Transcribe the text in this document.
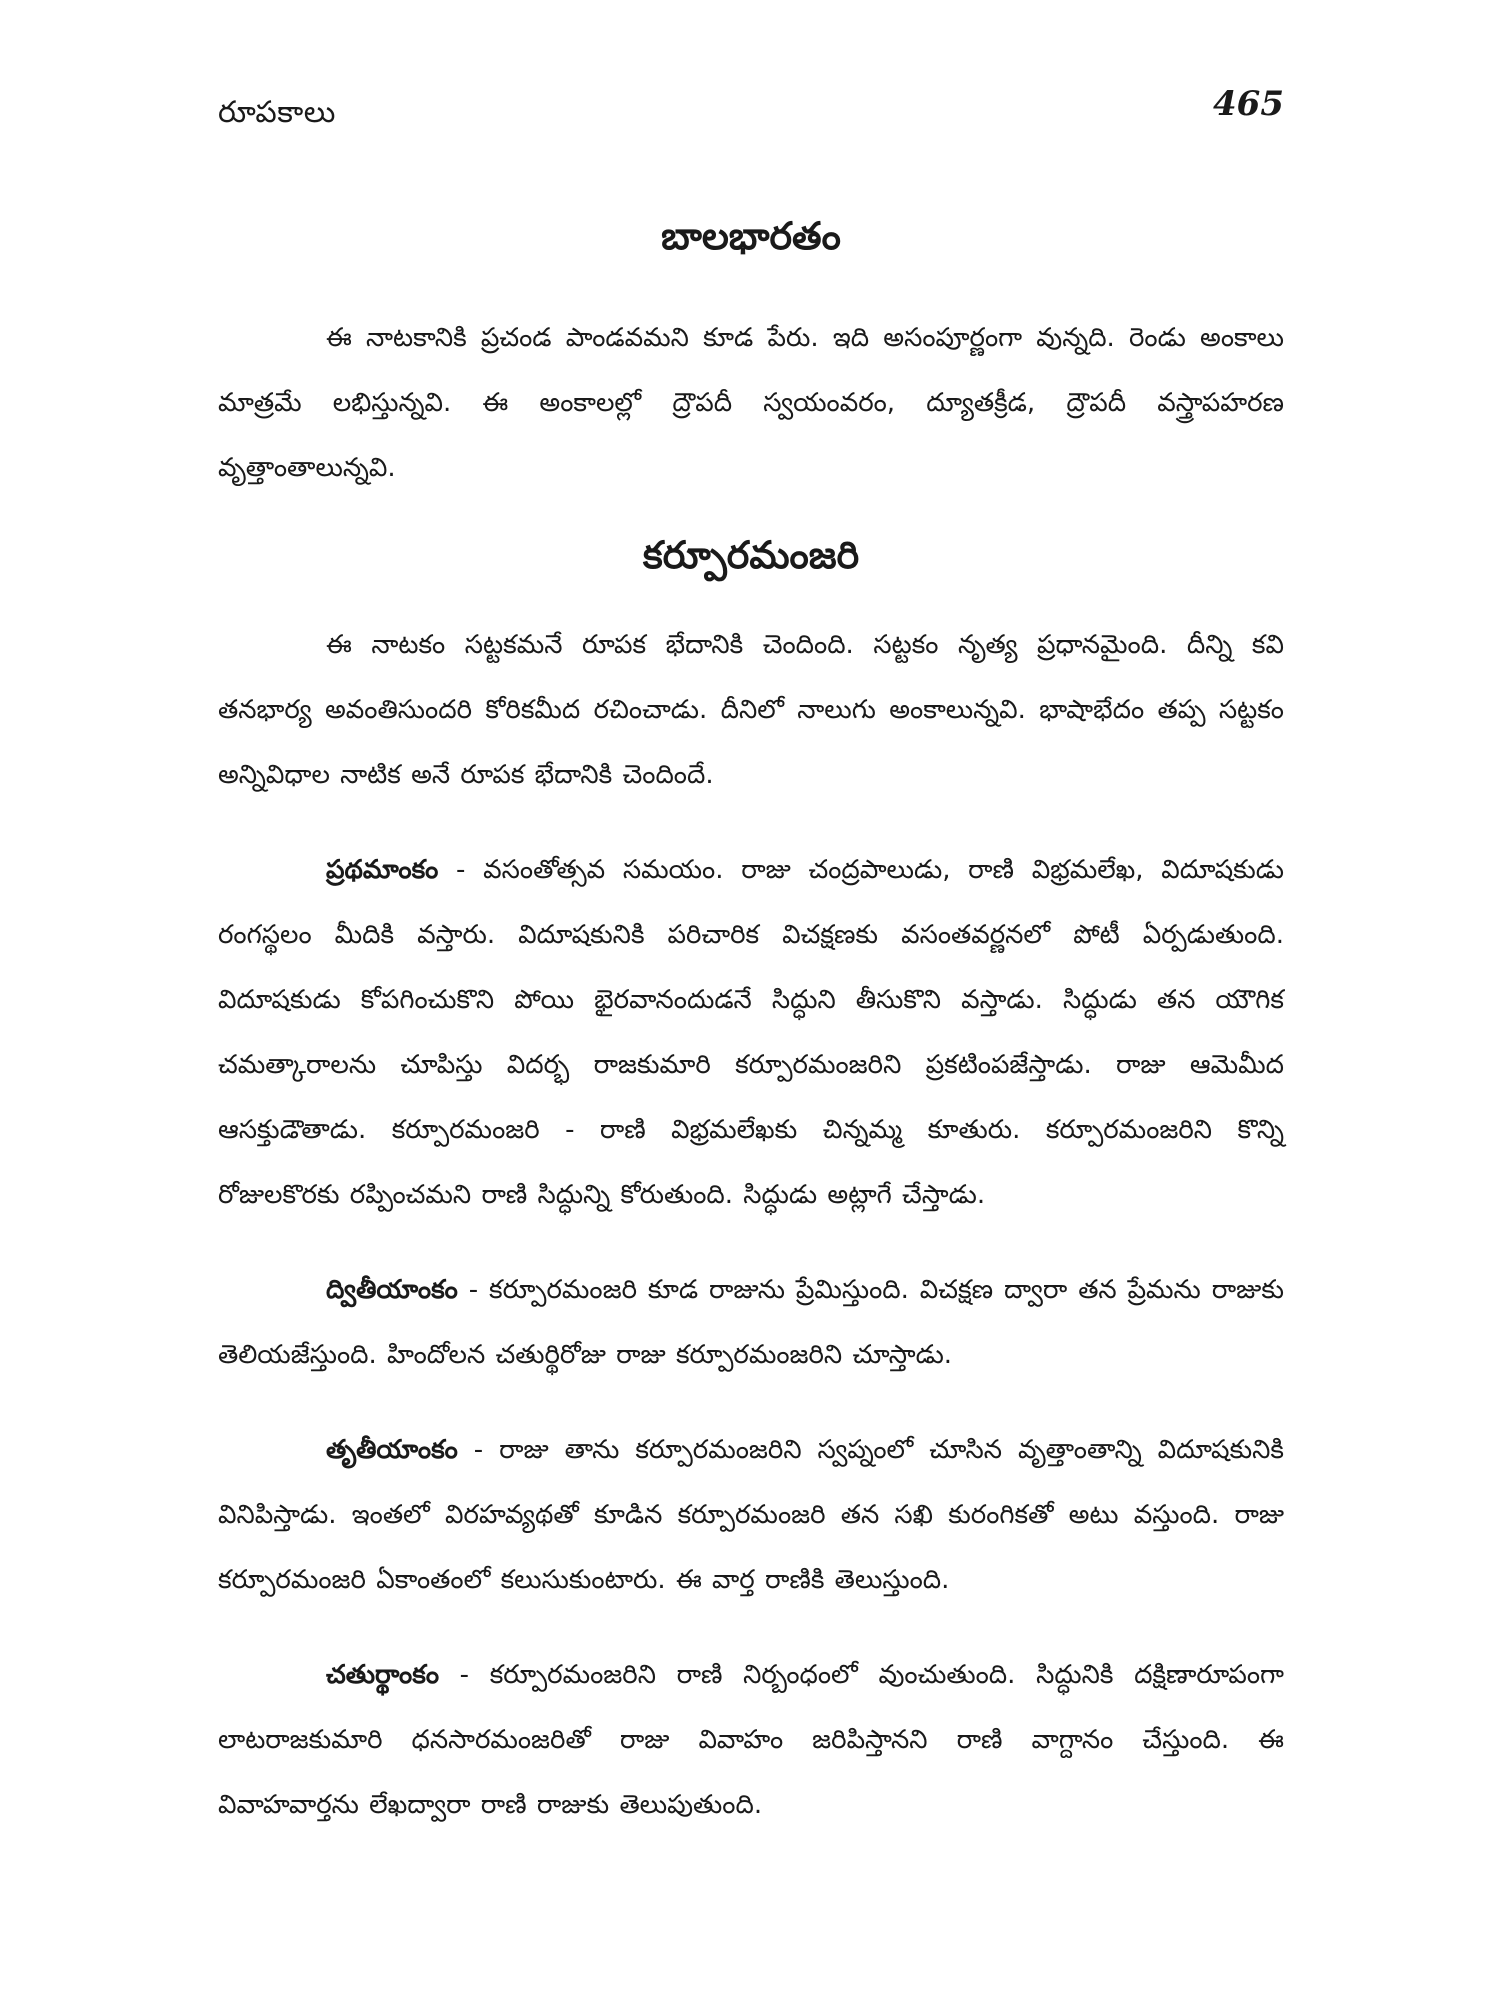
రూపకాలు	465
బాలభారతం

ఈ నాటకానికి ప్రచండ పాండవమని కూడ పేరు. ఇది అసంపూర్ణంగా వున్నది. రెండు అంకాలు మాత్రమే లభిస్తున్నవి. ఈ అంకాలల్లో ద్రౌపదీ స్వయంవరం, ద్యూతక్రీడ, ద్రౌపదీ వస్త్రాపహరణ వృత్తాంతాలున్నవి.

కర్పూరమంజరి

ఈ నాటకం సట్టకమనే రూపక భేదానికి చెందింది. సట్టకం నృత్య ప్రధానమైంది. దీన్ని కవి తనభార్య అవంతిసుందరి కోరికమీద రచించాడు. దీనిలో నాలుగు అంకాలున్నవి. భాషాభేదం తప్ప సట్టకం అన్నివిధాల నాటిక అనే రూపక భేదానికి చెందిందే.

ప్రథమాంకం - వసంతోత్సవ సమయం. రాజు చంద్రపాలుడు, రాణి విభ్రమలేఖ, విదూషకుడు రంగస్థలం మీదికి వస్తారు. విదూషకునికి పరిచారిక విచక్షణకు వసంతవర్ణనలో పోటీ ఏర్పడుతుంది. విదూషకుడు కోపగించుకొని పోయి భైరవానందుడనే సిద్ధుని తీసుకొని వస్తాడు. సిద్ధుడు తన యౌగిక చమత్కారాలను చూపిస్తు విదర్భ రాజకుమారి కర్పూరమంజరిని ప్రకటింపజేస్తాడు. రాజు ఆమెమీద ఆసక్తుడౌతాడు. కర్పూరమంజరి - రాణి విభ్రమలేఖకు చిన్నమ్మ కూతురు. కర్పూరమంజరిని కొన్ని రోజులకొరకు రప్పించమని రాణి సిద్ధున్ని కోరుతుంది. సిద్ధుడు అట్లాగే చేస్తాడు.

ద్వితీయాంకం - కర్పూరమంజరి కూడ రాజును ప్రేమిస్తుంది. విచక్షణ ద్వారా తన ప్రేమను రాజుకు తెలియజేస్తుంది. హిందోలన చతుర్థిరోజు రాజు కర్పూరమంజరిని చూస్తాడు.

తృతీయాంకం - రాజు తాను కర్పూరమంజరిని స్వప్నంలో చూసిన వృత్తాంతాన్ని విదూషకునికి వినిపిస్తాడు. ఇంతలో విరహవ్యథతో కూడిన కర్పూరమంజరి తన సఖి కురంగికతో అటు వస్తుంది. రాజు కర్పూరమంజరి ఏకాంతంలో కలుసుకుంటారు. ఈ వార్త రాణికి తెలుస్తుంది.

చతుర్థాంకం - కర్పూరమంజరిని రాణి నిర్బంధంలో వుంచుతుంది. సిద్ధునికి దక్షిణారూపంగా లాటరాజకుమారి ధనసారమంజరితో రాజు వివాహం జరిపిస్తానని రాణి వాగ్దానం చేస్తుంది. ఈ వివాహవార్తను లేఖద్వారా రాణి రాజుకు తెలుపుతుంది.
